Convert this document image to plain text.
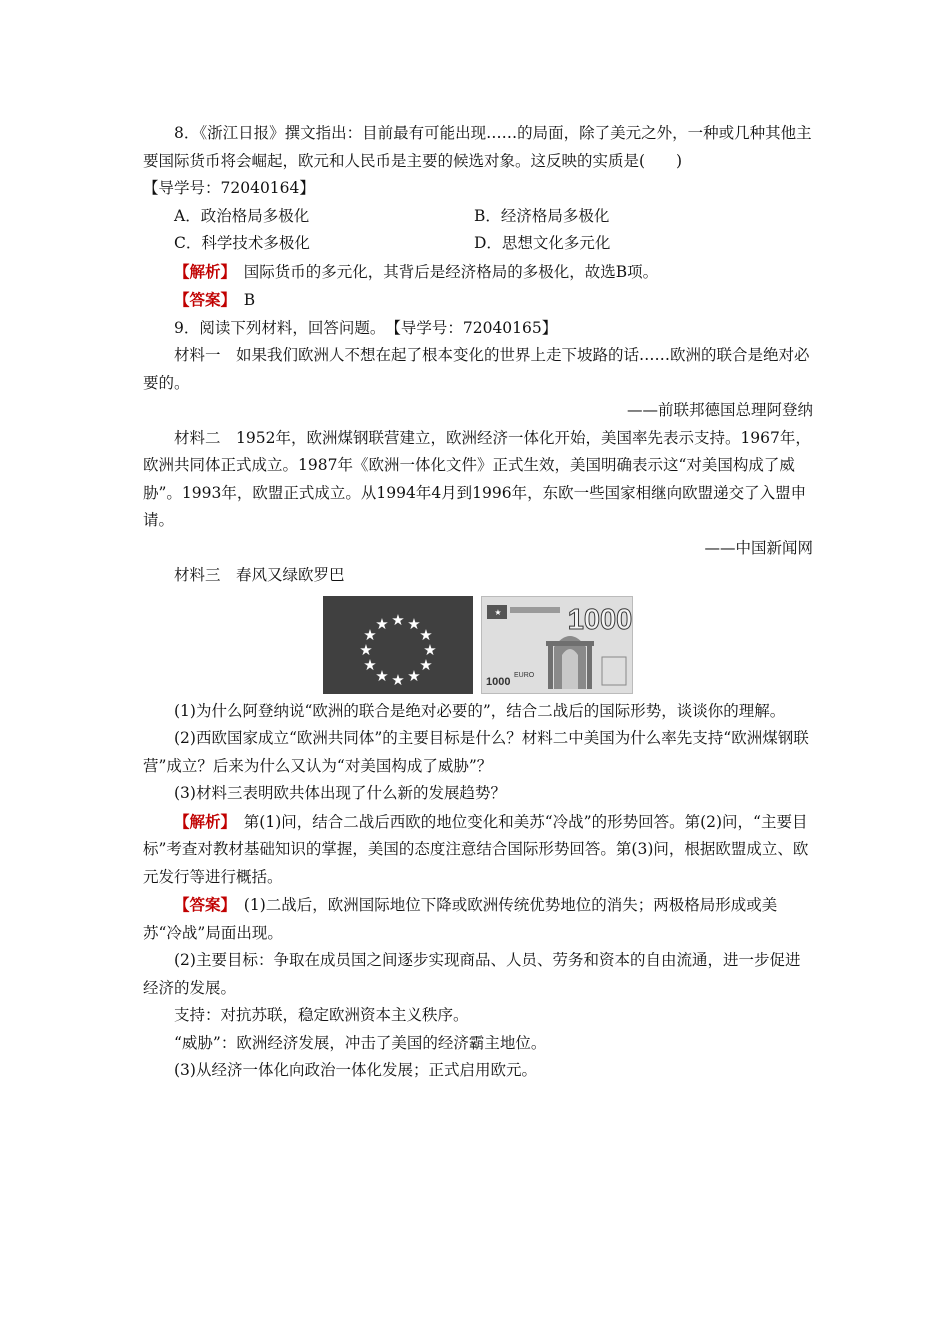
8．《浙江日报》撰文指出：目前最有可能出现……的局面，除了美元之外，一种或几种其他主要国际货币将会崛起，欧元和人民币是主要的候选对象。这反映的实质是(　　)

【导学号：72040164】

A．政治格局多极化	B．经济格局多极化
C．科学技术多极化	D．思想文化多元化

【解析】　 国际货币的多元化，其背后是经济格局的多极化，故选B项。

【答案】　 B

9．阅读下列材料，回答问题。　【导学号：72040165】

材料一　如果我们欧洲人不想在起了根本变化的世界上走下坡路的话……欧洲的联合是绝对必要的。

——前联邦德国总理阿登纳

材料二　1952年，欧洲煤钢联营建立，欧洲经济一体化开始，美国率先表示支持。1967年，欧洲共同体正式成立。1987年《欧洲一体化文件》正式生效，美国明确表示这“对美国构成了威胁”。1993年，欧盟正式成立。从1994年4月到1996年，东欧一些国家相继向欧盟递交了入盟申请。

——中国新闻网

材料三　春风又绿欧罗巴

★ ★
★
★
★
★
★
★
★
★
★
★
★ 1000
1000
EURO

(1)为什么阿登纳说“欧洲的联合是绝对必要的”，结合二战后的国际形势，谈谈你的理解。

(2)西欧国家成立“欧洲共同体”的主要目标是什么？材料二中美国为什么率先支持“欧洲煤钢联营”成立？后来为什么又认为“对美国构成了威胁”？

(3)材料三表明欧共体出现了什么新的发展趋势？

【解析】　 第(1)问，结合二战后西欧的地位变化和美苏“冷战”的形势回答。第(2)问，“主要目标”考查对教材基础知识的掌握，美国的态度注意结合国际形势回答。第(3)问，根据欧盟成立、欧元发行等进行概括。

【答案】　 (1)二战后，欧洲国际地位下降或欧洲传统优势地位的消失；两极格局形成或美苏“冷战”局面出现。

(2)主要目标：争取在成员国之间逐步实现商品、人员、劳务和资本的自由流通，进一步促进经济的发展。

支持：对抗苏联，稳定欧洲资本主义秩序。

“威胁”：欧洲经济发展，冲击了美国的经济霸主地位。

(3)从经济一体化向政治一体化发展；正式启用欧元。
